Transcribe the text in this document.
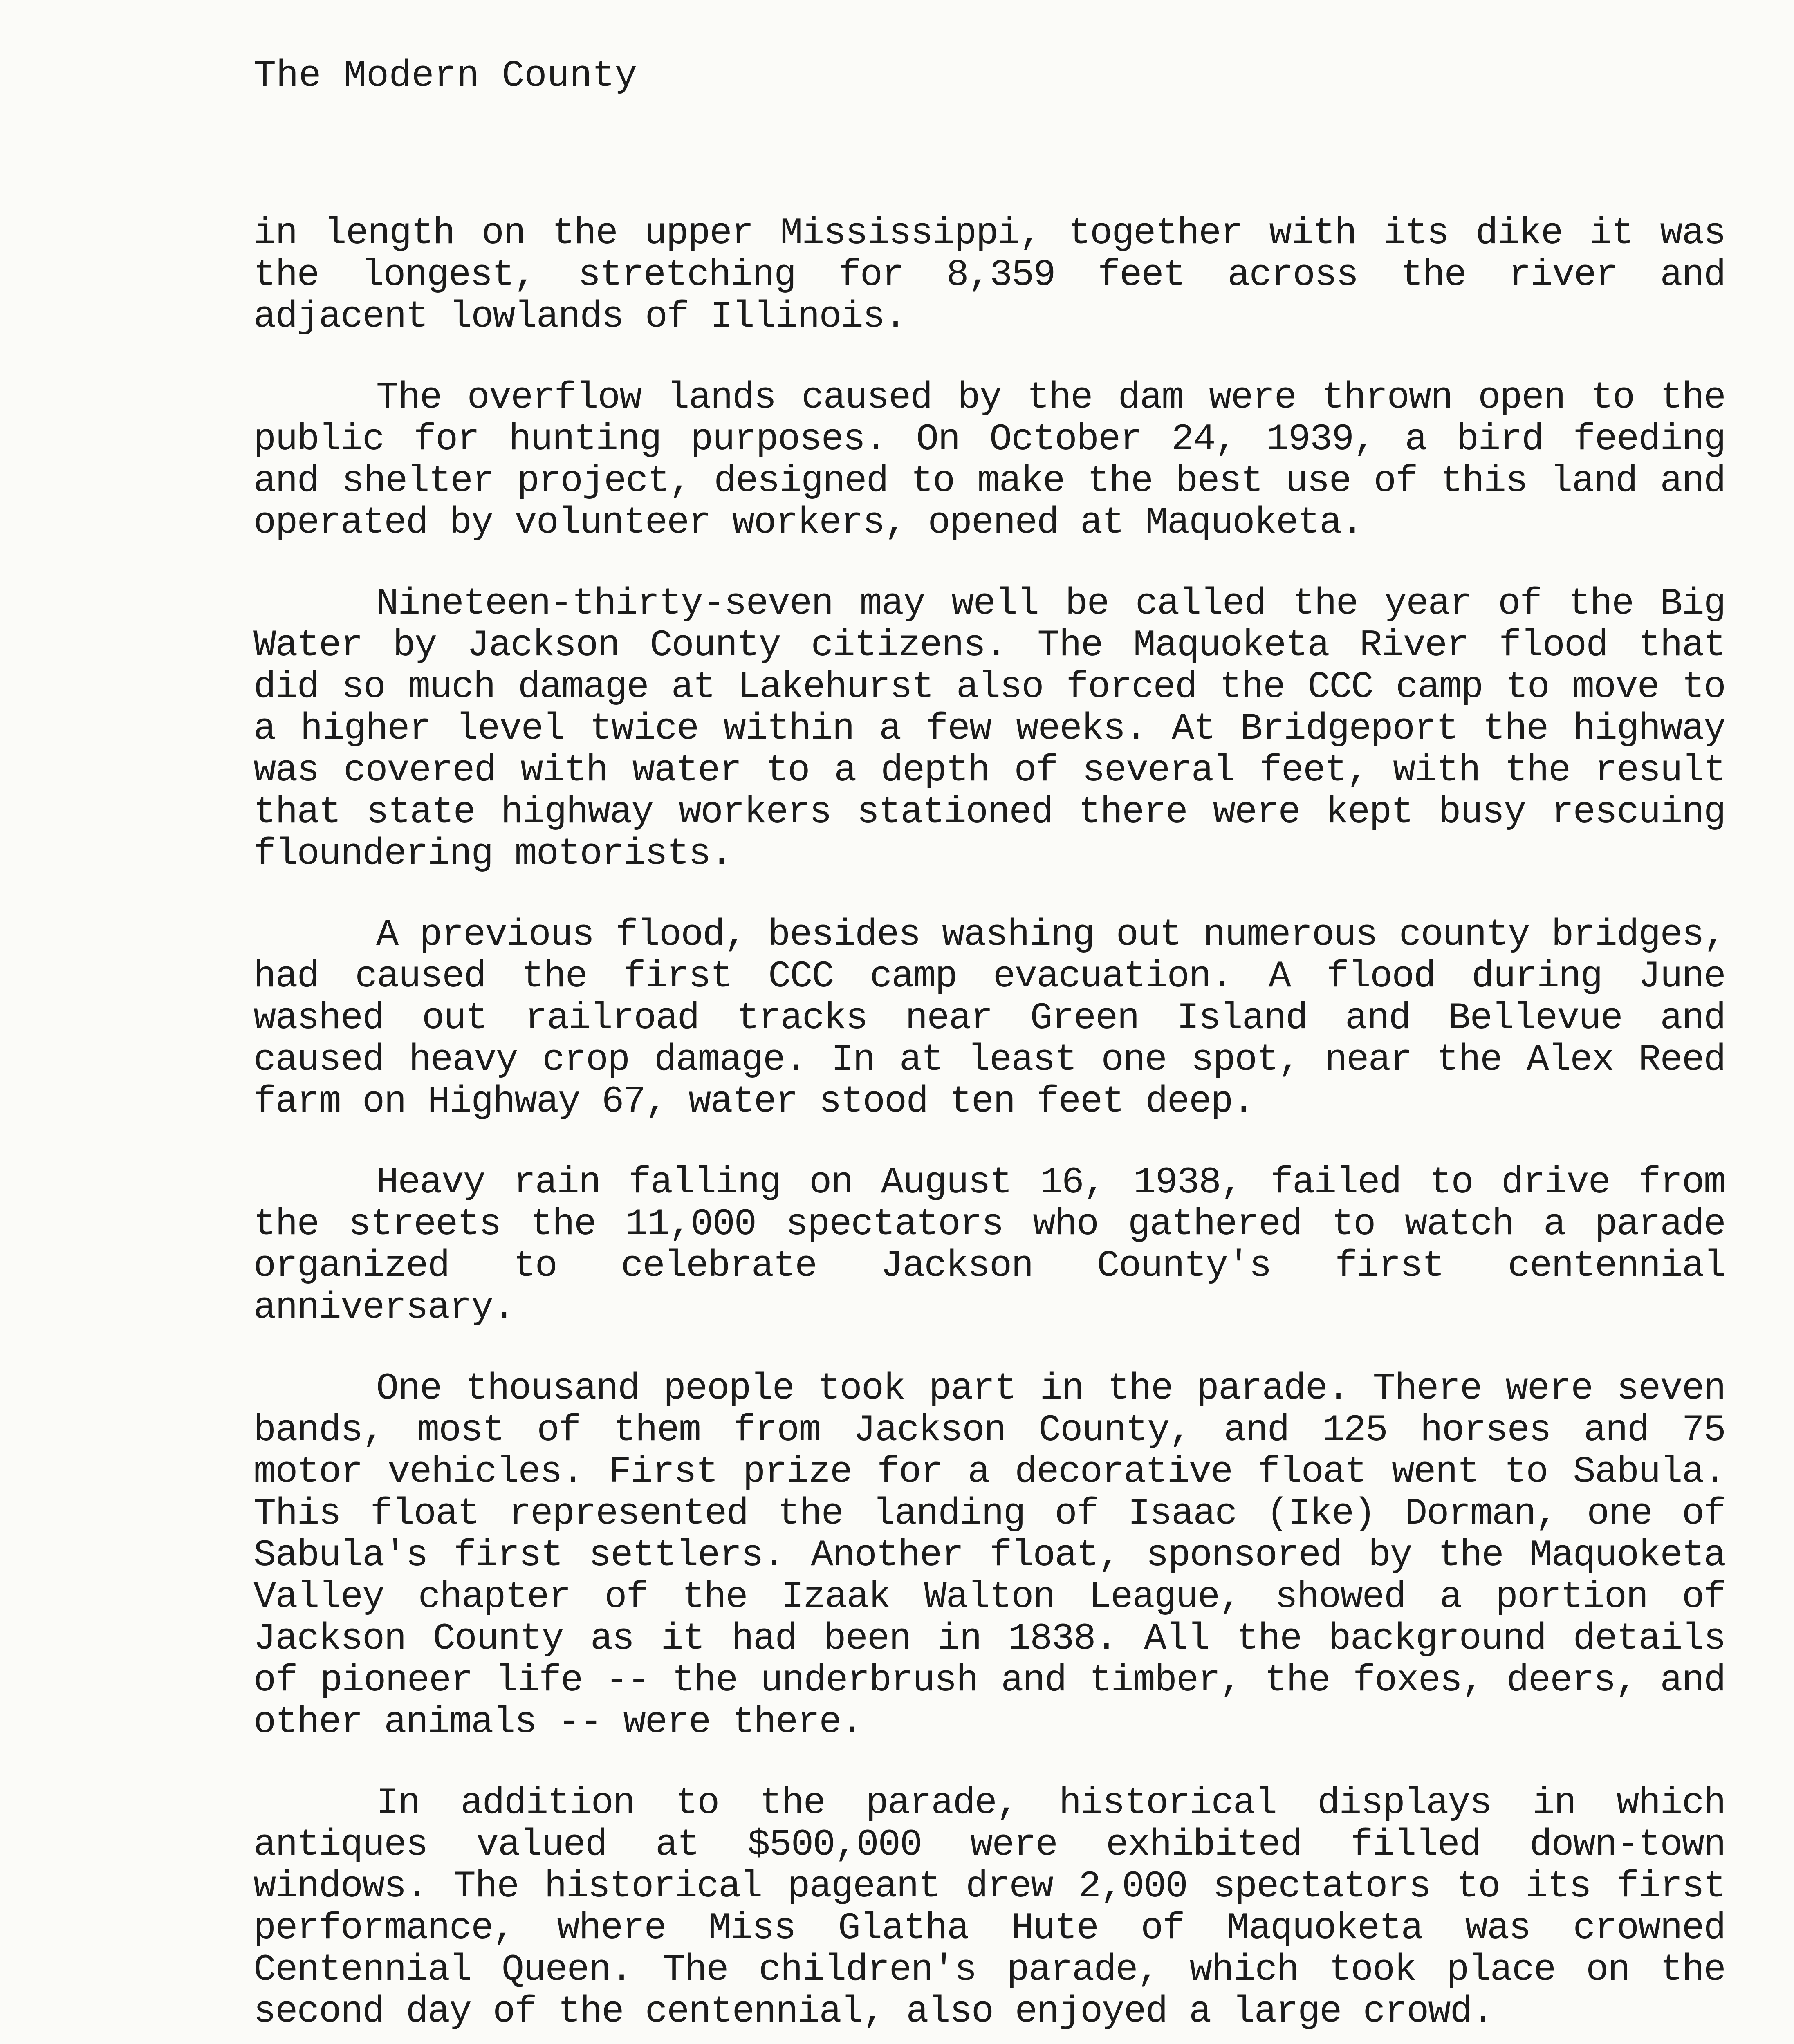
The Modern County

in length on the upper Mississippi, together with its dike it was the longest, stretching for 8,359 feet across the river and adjacent lowlands of Illinois.

The overflow lands caused by the dam were thrown open to the public for hunting purposes. On October 24, 1939, a bird feeding and shelter project, designed to make the best use of this land and operated by volunteer workers, opened at Maquoketa.

Nineteen-thirty-seven may well be called the year of the Big Water by Jackson County citizens. The Maquoketa River flood that did so much damage at Lakehurst also forced the CCC camp to move to a higher level twice within a few weeks. At Bridgeport the highway was covered with water to a depth of several feet, with the result that state highway workers stationed there were kept busy rescuing floundering motorists.

A previous flood, besides washing out numerous county bridges, had caused the first CCC camp evacuation. A flood during June washed out railroad tracks near Green Island and Bellevue and caused heavy crop damage. In at least one spot, near the Alex Reed farm on Highway 67, water stood ten feet deep.

Heavy rain falling on August 16, 1938, failed to drive from the streets the 11,000 spectators who gathered to watch a parade organized to celebrate Jackson County's first centennial anniversary.

One thousand people took part in the parade. There were seven bands, most of them from Jackson County, and 125 horses and 75 motor vehicles. First prize for a decorative float went to Sabula. This float represented the landing of Isaac (Ike) Dorman, one of Sabula's first settlers. Another float, sponsored by the Maquoketa Valley chapter of the Izaak Walton League, showed a portion of Jackson County as it had been in 1838. All the background details of pioneer life -- the underbrush and timber, the foxes, deers, and other animals -- were there.

In addition to the parade, historical displays in which antiques valued at $500,000 were exhibited filled down-town windows. The historical pageant drew 2,000 spectators to its first performance, where Miss Glatha Hute of Maquoketa was crowned Centennial Queen. The children's parade, which took place on the second day of the centennial, also enjoyed a large crowd.
